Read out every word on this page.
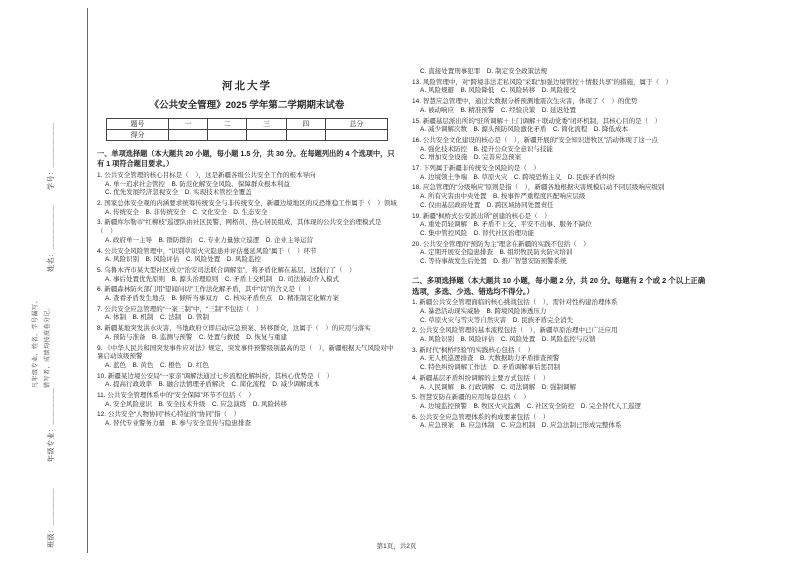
学号：＿＿＿＿＿＿
姓名：＿＿＿＿＿＿
凡年级专业、姓名、学号漏写、	错写者，成绩均按废卷分记。
年级专业：＿＿＿＿＿
班级：＿＿＿＿＿
河北大学
《公共安全管理》2025 学年第二学期期末试卷
题号	一	二	三	四	总分
得分					
一、单项选择题（本大题共 20 小题，每小题 1.5 分，共 30 分。在每题列出的 4 个选项中，只有 1 项符合题目要求。）
1. 公共安全管理的核心目标是（　），这是新疆各级公共安全工作的根本导向
A. 单一追求社会管控　B. 防范化解安全风险、保障群众根本利益
C. 优先发展经济忽视安全　D. 实现技术管控全覆盖
2. 国家总体安全观的内涵要求统筹传统安全与非传统安全，新疆边境地区的反恐维稳工作属于（　）领域
A. 传统安全　B. 非传统安全　C. 文化安全　D. 生态安全
3. 新疆库尔勒市“红柳枝”巡逻队由社区民警、网格员、热心居民组成，其体现的公共安全治理模式是（　）
A. 政府单一主导　B. 群防群治　C. 专业力量独立巡逻　D. 企业主导运营
4. 公共安全风险管理中，“识别草原火灾隐患并评估蔓延风险”属于（　）环节
A. 风险识别　B. 风险评估　C. 风险处置　D. 风险监控
5. 乌鲁木齐市某大型社区成立“治安司法联合调解室”，将矛盾化解在基层，这践行了（　）
A. 事后处置优先原则　B. 源头治理原则　C. 矛盾上交机制　D. 司法被动介入模式
6. 新疆森林防火部门用“望闻问切”工作法化解矛盾，其中“切”的含义是（　）
A. 查看矛盾发生地点　B. 倾听当事双方　C. 核实矛盾焦点　D. 精准制定化解方案
7. 公共安全应急管理的“一案三制”中，“三制”不包括（　）
A. 体制　B. 机制　C. 法制　D. 管制
8. 新疆某地突发洪水灾害，当地政府立即启动应急预案、转移群众，这属于（　）的应用与落实
A. 预防与准备　B. 监测与预警　C. 处置与救援　D. 恢复与重建
9. 《中华人民共和国突发事件应对法》规定，突发事件预警级别最高的是（　），新疆根据天气风险对中暑启动该级预警
A. 蓝色　B. 黄色　C. 橙色　D. 红色
10. 新疆某边境公安局“一家亲”调解法通过七步流程化解纠纷，其核心优势是（　）
A. 提高行政效率　B. 融合法情理矛盾解决　C. 简化流程　D. 减少调解成本
11. 公共安全管理体系中的“安全保障”环节不包括（　）
A. 安全风险意识　B. 安全技术升级　C. 应急演练　D. 风险转移
12. 公共安全“人物协同”核心特征的“协同”指（　）
A. 替代专业警务力量　B. 参与安全宣传与隐患排查
C. 直接处置刑事犯罪　D. 制定安全政策法规
13. 风险管理中，对“跨境非法走私风险”采取“加强边境管控＋情报共享”的措施，属于（　）
A. 风险规避　B. 风险降低　C. 风险转移　D. 风险接受
14. 智慧应急管理中，通过大数据分析预测地震次生灾害，体现了（　）的优势
A. 被动响应　B. 精准预警　C. 经验决策　D. 延迟处置
15. 新疆基层派出所的“驻所调解＋上门调解＋联动党委”闭环机制，其核心目的是（　）
A. 减少调解次数　B. 源头预防风险激化矛盾　C. 简化流程　D. 降低成本
16. 公共安全文化建设的核心是（　），新疆开展的“安全知识进牧区”活动体现了这一点
A. 强化技术防控　B. 提升公众安全意识与技能
C. 增加安全设施　D. 完善应急预案
17. 下列属于新疆非传统安全风险的是（　）
A. 边境领土争端　B. 草原火灾　C. 跨境恐怖主义　D. 民族矛盾纠纷
18. 应急管理的“分级响应”原则是指（　），新疆各地根据灾害规模启动不同层级响应级别
A. 所有灾害由中央处置　B. 按事件严重程度匹配响应层级
C. 仅由基层政府处置　D. 跨区域协同处置责任
19. 新疆“枫桥式公安派出所”创建的核心是（　）
A. 重处罚轻调解　B. 矛盾不上交、平安不出事、服务不缺位
C. 集中管控风险　D. 替代社区治理功能
20. 公共安全管理的“预防为主”理念在新疆的实践不包括（　）
A. 定期开展安全隐患排查　B. 组织牧民防火防灾培训
C. 等待事故发生后处置　D. 推广智慧安防预警系统
二、多项选择题（本大题共 10 小题，每小题 2 分，共 20 分。每题有 2 个或 2 个以上正确选项，多选、少选、错选均不得分。）
1. 新疆公共安全管理面临的核心挑战包括（　），需针对性构建治理体系
A. 暴恐活动现实威胁　B. 跨境风险渗透压力
C. 草原火灾与雪灾等自然灾害　D. 民族矛盾完全消失
2. 公共安全风险管理的基本流程包括（　），新疆草原治理中已广泛应用
A. 风险识别　B. 风险评估　C. 风险处置　D. 风险监控与反馈
3. 新时代“枫桥经验”的实践核心包括（　）
A. 无人机巡逻排查　B. 大数据助力矛盾排查预警
C. 特色纠纷调解工作法　D. 矛盾调解事后惩罚制
4. 新疆基层矛盾纠纷调解的主要方式包括（　）
A. 人民调解　B. 行政调解　C. 司法调解　D. 强制调解
5. 智慧安防在新疆的应用场景包括（　）
A. 边境监控预警　B. 牧区火灾监测　C. 社区安全防控　D. 完全替代人工巡逻
6. 公共安全应急管理体系的构成要素包括（　）
A. 应急预案　B. 应急体制　C. 应急机制　D. 应急法制已形成完整体系
第1页，共2页
